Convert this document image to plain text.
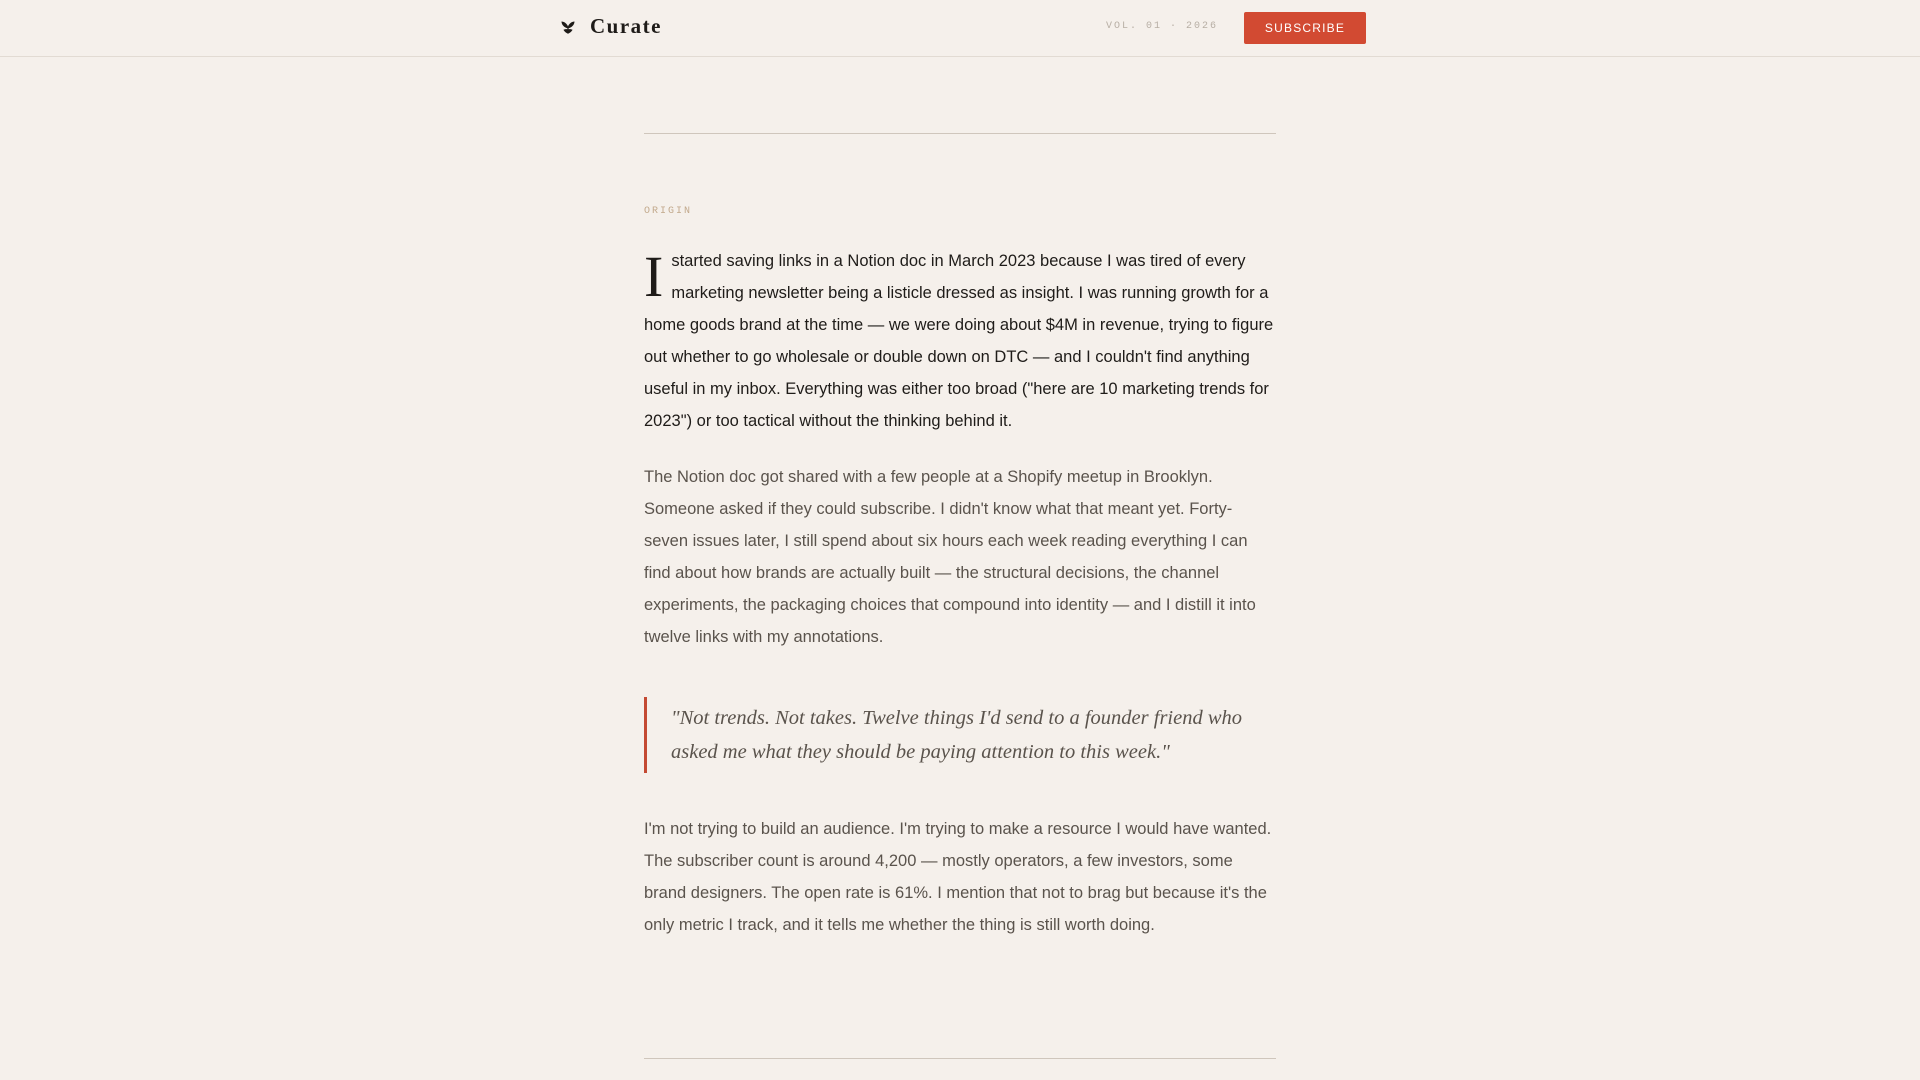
Curate	VOL. 01 · 2026	SUBSCRIBE
ORIGIN

Istarted saving links in a Notion doc in March 2023 because I was tired of every marketing newsletter being a listicle dressed as insight. I was running growth for a home goods brand at the time — we were doing about $4M in revenue, trying to figure out whether to go wholesale or double down on DTC — and I couldn't find anything useful in my inbox. Everything was either too broad ("here are 10 marketing trends for 2023") or too tactical without the thinking behind it.

The Notion doc got shared with a few people at a Shopify meetup in Brooklyn. Someone asked if they could subscribe. I didn't know what that meant yet. Forty-seven issues later, I still spend about six hours each week reading everything I can find about how brands are actually built — the structural decisions, the channel experiments, the packaging choices that compound into identity — and I distill it into twelve links with my annotations.

"Not trends. Not takes. Twelve things I'd send to a founder friend who asked me what they should be paying attention to this week."

I'm not trying to build an audience. I'm trying to make a resource I would have wanted. The subscriber count is around 4,200 — mostly operators, a few investors, some brand designers. The open rate is 61%. I mention that not to brag but because it's the only metric I track, and it tells me whether the thing is still worth doing.
